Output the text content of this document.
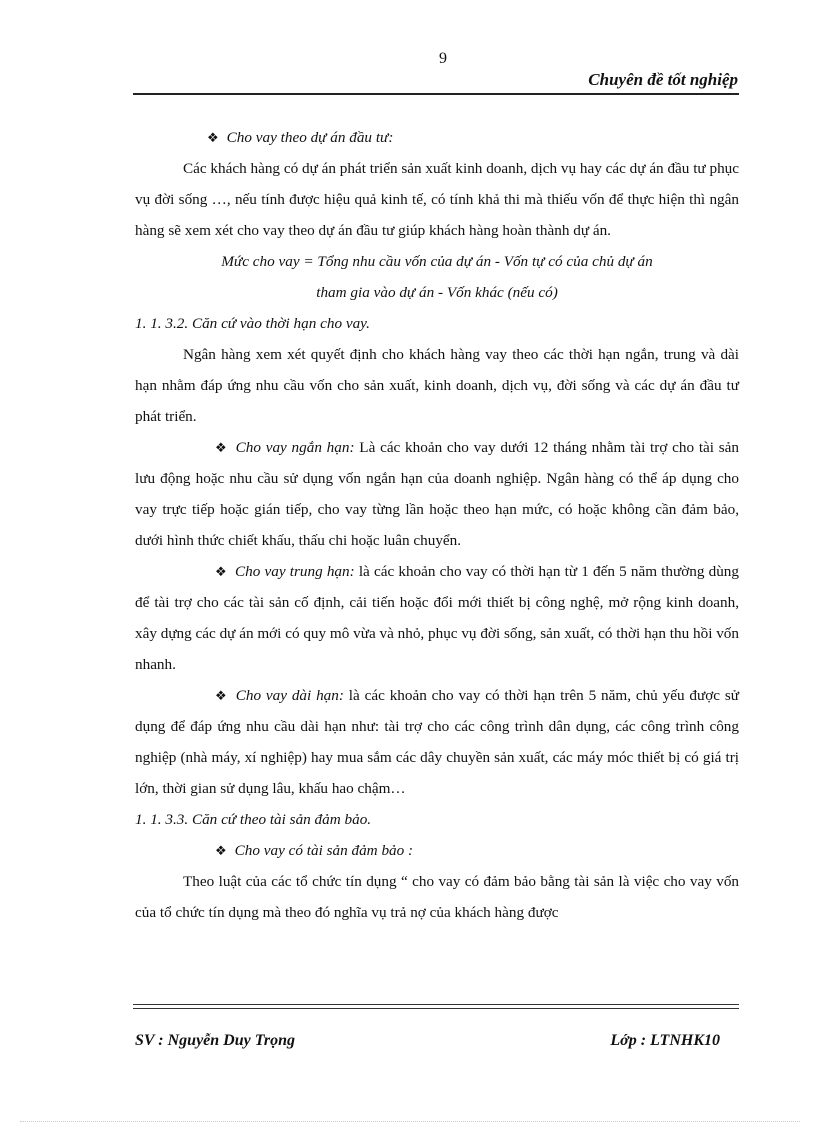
9
Chuyên đề tốt nghiệp

❖ Cho vay theo dự án đầu tư:

Các khách hàng có dự án phát triển sản xuất kinh doanh, dịch vụ hay các dự án đầu tư phục vụ đời sống …, nếu tính được hiệu quả kinh tế, có tính khả thi mà thiếu vốn để thực hiện thì ngân hàng sẽ xem xét cho vay theo dự án đầu tư giúp khách hàng hoàn thành dự án.

Mức cho vay = Tổng nhu cầu vốn của dự án - Vốn tự có của chủ dự án

tham gia vào dự án - Vốn khác (nếu có)

1. 1. 3.2. Căn cứ vào thời hạn cho vay.

Ngân hàng xem xét quyết định cho khách hàng vay theo các thời hạn ngắn, trung và dài hạn nhằm đáp ứng nhu cầu vốn cho sản xuất, kinh doanh, dịch vụ, đời sống và các dự án đầu tư phát triển.

❖ Cho vay ngắn hạn: Là các khoản cho vay dưới 12 tháng nhằm tài trợ cho tài sản lưu động hoặc nhu cầu sử dụng vốn ngắn hạn của doanh nghiệp. Ngân hàng có thể áp dụng cho vay trực tiếp hoặc gián tiếp, cho vay từng lần hoặc theo hạn mức, có hoặc không cần đảm bảo, dưới hình thức chiết khấu, thấu chi hoặc luân chuyển.

❖ Cho vay trung hạn: là các khoản cho vay có thời hạn từ 1 đến 5 năm thường dùng để tài trợ cho các tài sản cố định, cải tiến hoặc đổi mới thiết bị công nghệ, mở rộng kinh doanh, xây dựng các dự án mới có quy mô vừa và nhỏ, phục vụ đời sống, sản xuất, có thời hạn thu hồi vốn nhanh.

❖ Cho vay dài hạn: là các khoản cho vay có thời hạn trên 5 năm, chủ yếu được sử dụng để đáp ứng nhu cầu dài hạn như: tài trợ cho các công trình dân dụng, các công trình công nghiệp (nhà máy, xí nghiệp) hay mua sắm các dây chuyền sản xuất, các máy móc thiết bị có giá trị lớn, thời gian sử dụng lâu, khấu hao chậm…

1. 1. 3.3. Căn cứ theo tài sản đảm bảo.

❖ Cho vay có tài sản đảm bảo :

Theo luật của các tổ chức tín dụng “ cho vay có đảm bảo bằng tài sản là việc cho vay vốn của tổ chức tín dụng mà theo đó nghĩa vụ trả nợ của khách hàng được

SV : Nguyễn Duy Trọng	Lớp : LTNHK10
